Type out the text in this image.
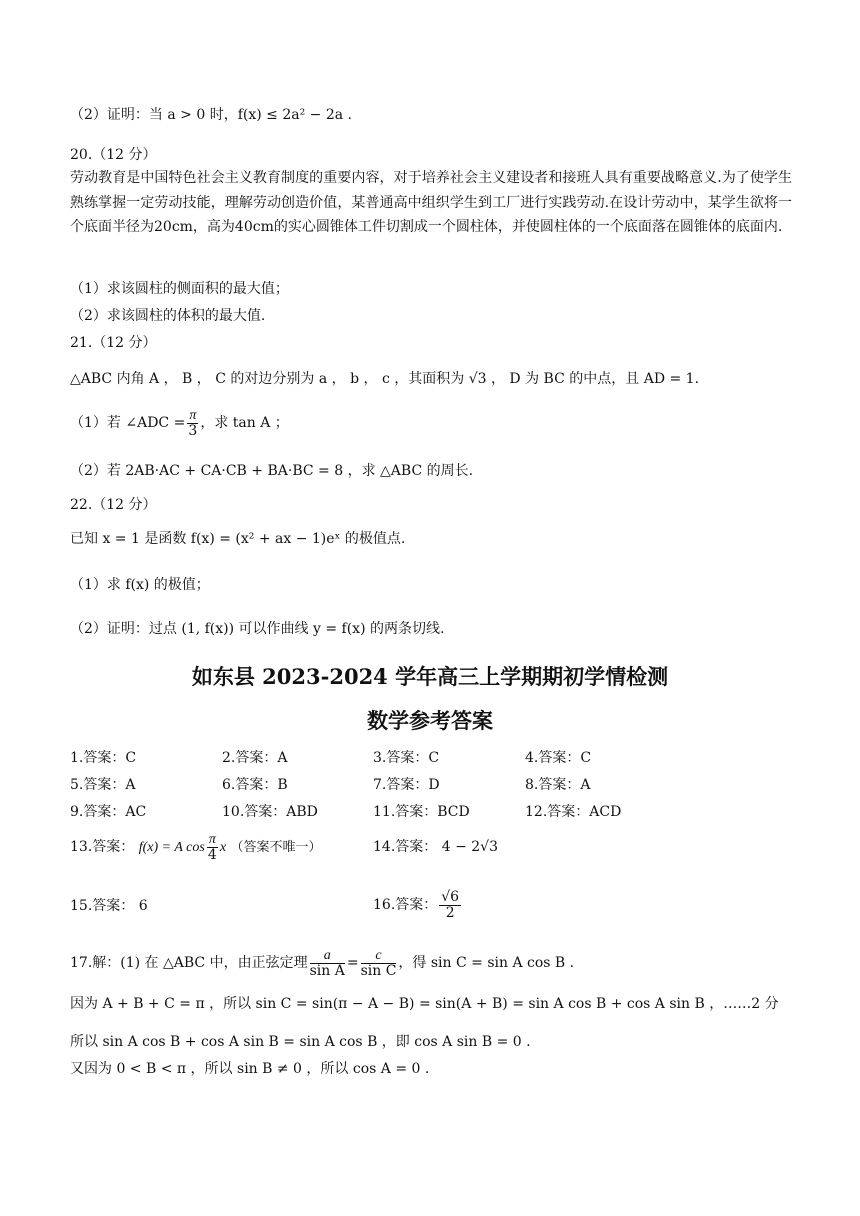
（2）证明：当 a > 0 时，f(x) ≤ 2a² − 2a .
20.（12 分）
劳动教育是中国特色社会主义教育制度的重要内容，对于培养社会主义建设者和接班人具有重要战略意义.为了使学生熟练掌握一定劳动技能，理解劳动创造价值，某普通高中组织学生到工厂进行实践劳动.在设计劳动中，某学生欲将一个底面半径为20cm，高为40cm的实心圆锥体工件切割成一个圆柱体，并使圆柱体的一个底面落在圆锥体的底面内.
（1）求该圆柱的侧面积的最大值；
（2）求该圆柱的体积的最大值.
21.（12 分）
△ABC 内角 A ， B ， C 的对边分别为 a ， b ， c ，其面积为 √3 ， D 为 BC 的中点，且 AD = 1.
（1）若 ∠ADC = $\frac{\pi}{3}$ ，求 tan A ；
（2）若 2AB·AC + CA·CB + BA·BC = 8 ，求 △ABC 的周长.
22.（12 分）
已知 x = 1 是函数 f(x) = (x² + ax − 1)eˣ 的极值点.
（1）求 f(x) 的极值；
（2）证明：过点 (1, f(x)) 可以作曲线 y = f(x) 的两条切线.
如东县 2023-2024 学年高三上学期期初学情检测
数学参考答案
1.答案：C	2.答案：A	3.答案：C	4.答案：C
5.答案：A	6.答案：B	7.答案：D	8.答案：A
9.答案：AC	10.答案：ABD	11.答案：BCD	12.答案：ACD
13.答案： f(x) = A $\cos \frac{\pi}{4}$ x （答案不唯一）	14.答案： 4 − 2√3
15.答案： 6	16.答案： $\frac{√6}{2}$
17.解：(1) 在 △ABC 中，由正弦定理 $\frac{a}{\text{sin A}} = \frac{c}{\text{sin C}}$ ，得 sin C = sin A cos B .
因为 A + B + C = π ，所以 sin C = sin(π − A − B) = sin(A + B) = sin A cos B + cos A sin B ，……2 分
所以 sin A cos B + cos A sin B = sin A cos B ，即 cos A sin B = 0 .
又因为 0 < B < π ，所以 sin B ≠ 0 ，所以 cos A = 0 .
